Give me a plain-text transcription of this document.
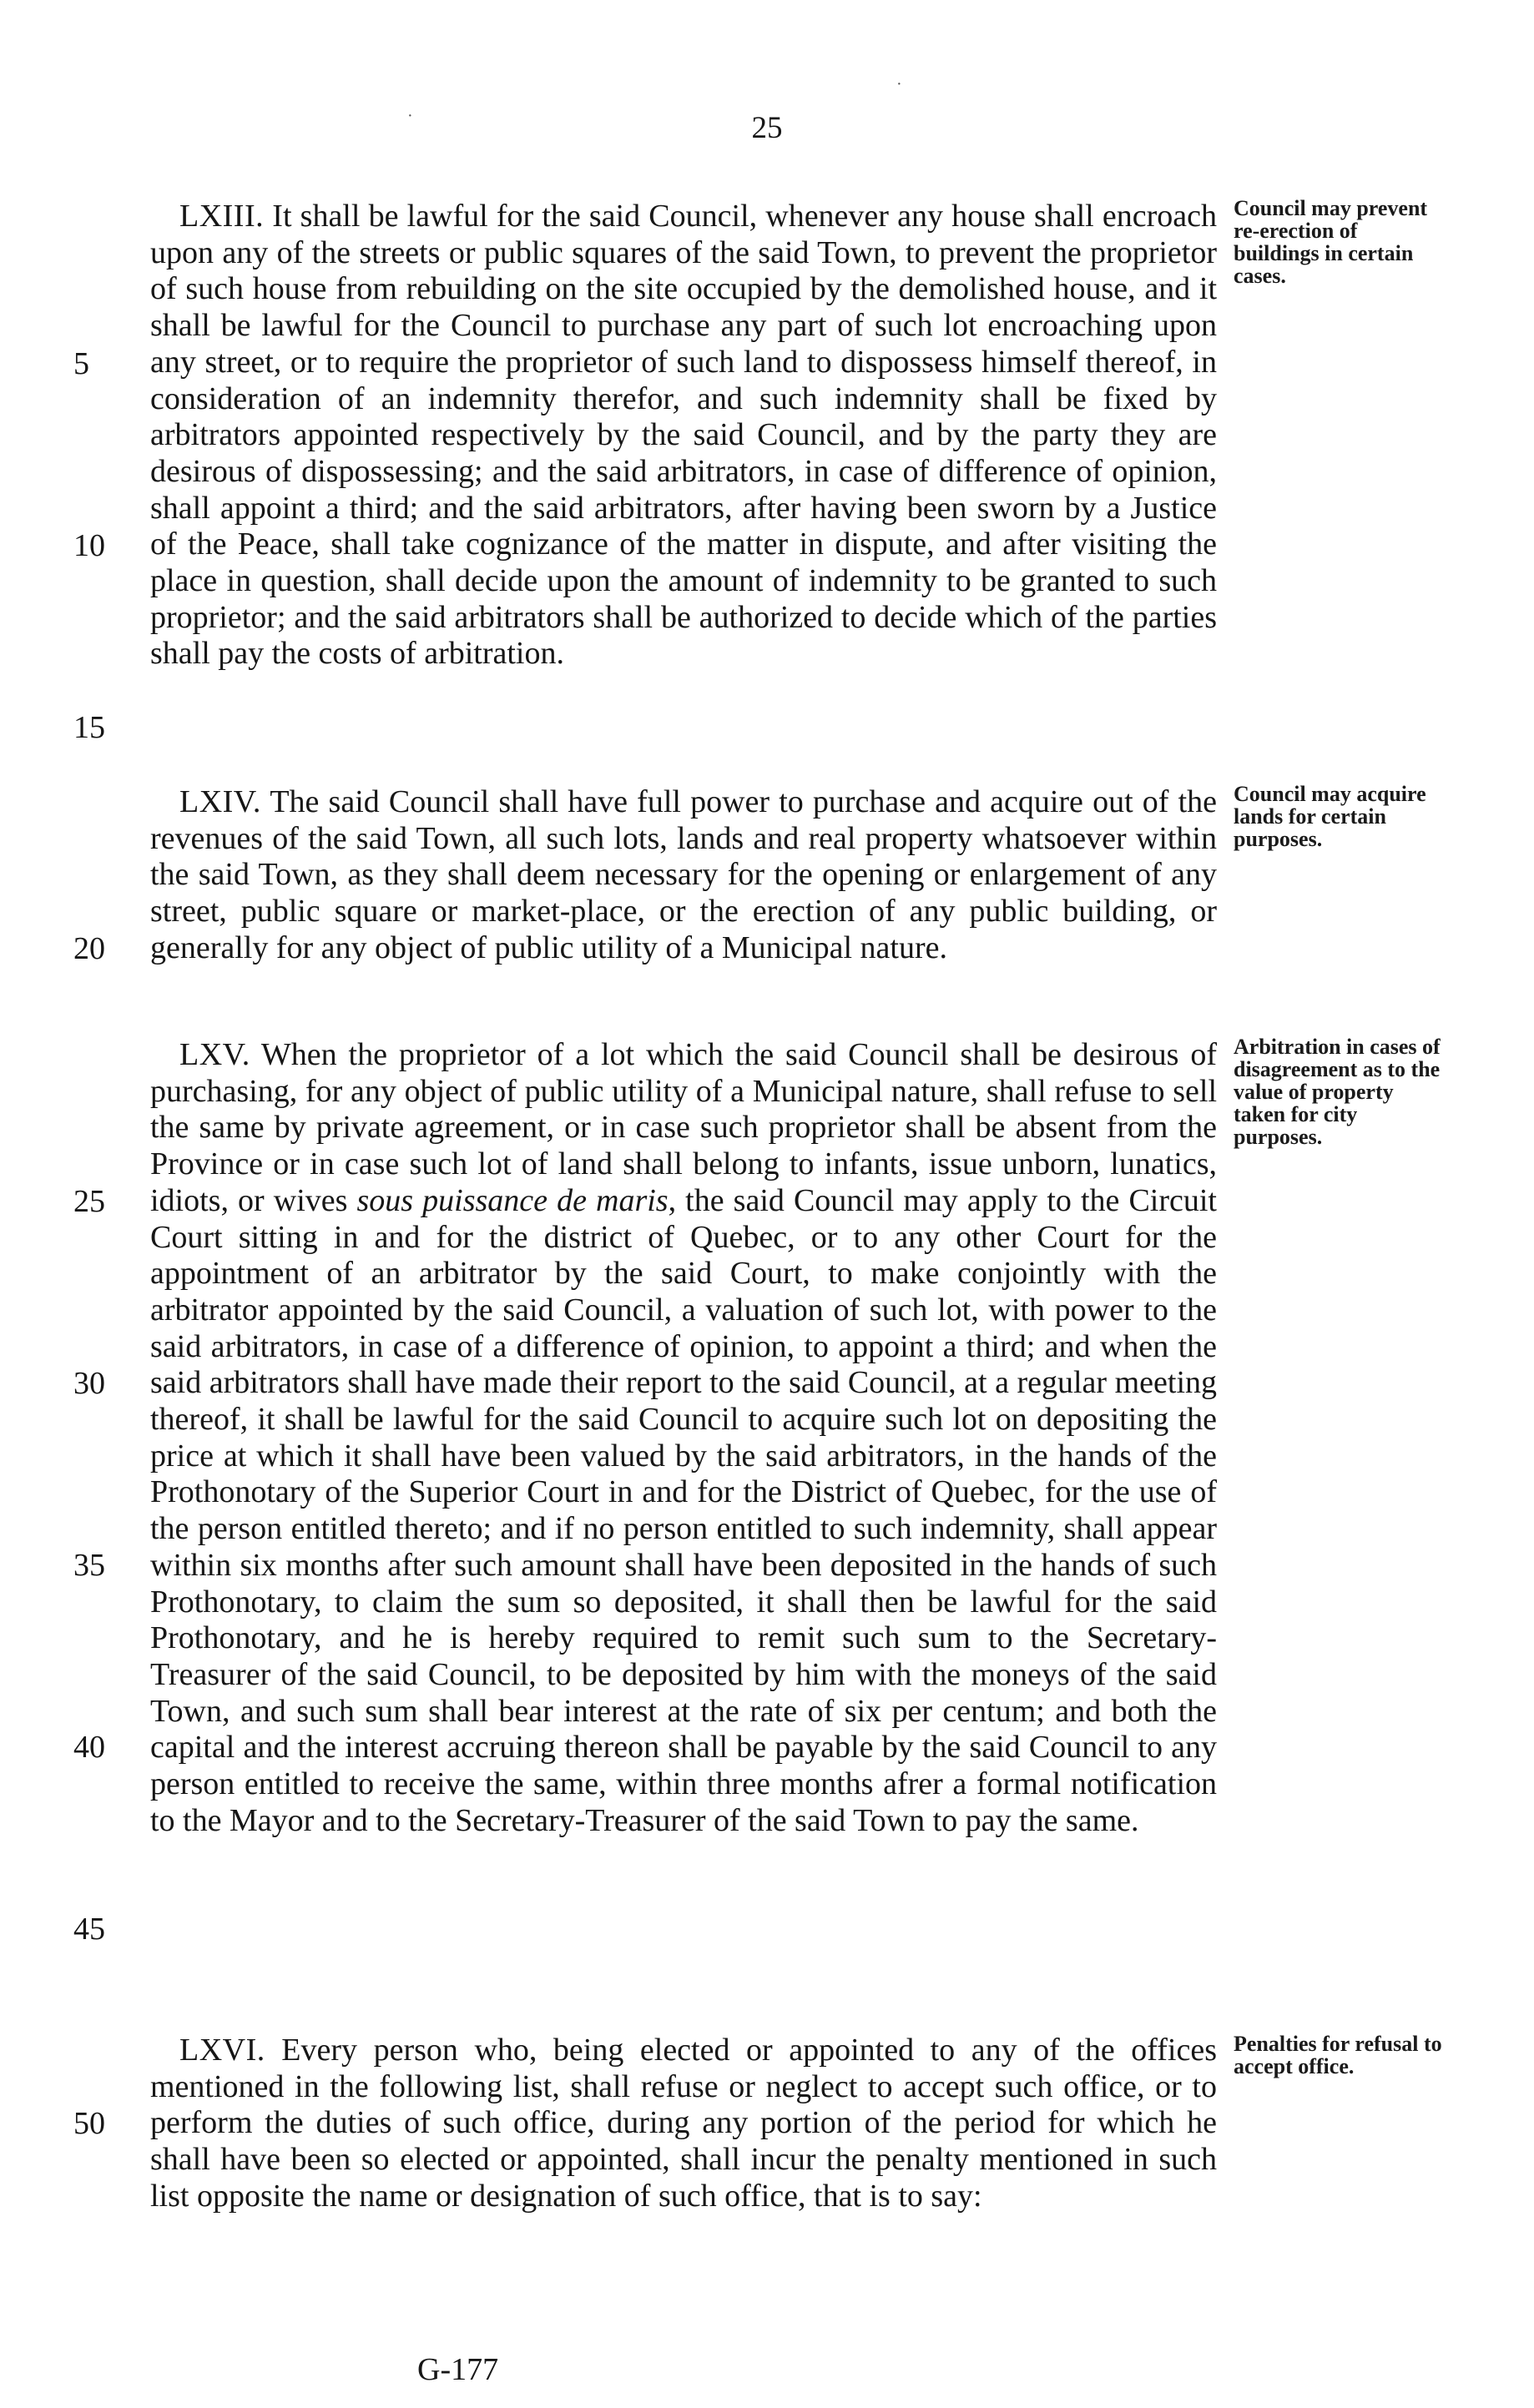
25

LXIII. It shall be lawful for the said Council, whenever any house shall encroach upon any of the streets or public squares of the said Town, to prevent the proprietor of such house from rebuilding on the site occupied by the demolished house, and it shall be lawful for the Council to purchase any part of such lot encroaching upon any street, or to require the proprietor of such land to dispossess himself thereof, in consideration of an indemnity therefor, and such indemnity shall be fixed by arbitrators appointed respectively by the said Council, and by the party they are desirous of dispossessing; and the said arbitrators, in case of difference of opinion, shall appoint a third; and the said arbitrators, after having been sworn by a Justice of the Peace, shall take cognizance of the matter in dispute, and after visiting the place in question, shall decide upon the amount of indemnity to be granted to such proprietor; and the said arbitrators shall be authorized to decide which of the parties shall pay the costs of arbitration.

Council may prevent re-erection of buildings in certain cases.

LXIV. The said Council shall have full power to purchase and acquire out of the revenues of the said Town, all such lots, lands and real property whatsoever within the said Town, as they shall deem necessary for the opening or enlargement of any street, public square or market-place, or the erection of any public building, or generally for any object of public utility of a Municipal nature.

Council may acquire lands for certain purposes.

LXV. When the proprietor of a lot which the said Council shall be desirous of purchasing, for any object of public utility of a Municipal nature, shall refuse to sell the same by private agreement, or in case such proprietor shall be absent from the Province or in case such lot of land shall belong to infants, issue unborn, lunatics, idiots, or wives sous puissance de maris, the said Council may apply to the Circuit Court sitting in and for the district of Quebec, or to any other Court for the appointment of an arbitrator by the said Court, to make conjointly with the arbitrator appointed by the said Council, a valuation of such lot, with power to the said arbitrators, in case of a difference of opinion, to appoint a third; and when the said arbitrators shall have made their report to the said Council, at a regular meeting thereof, it shall be lawful for the said Council to acquire such lot on depositing the price at which it shall have been valued by the said arbitrators, in the hands of the Prothonotary of the Superior Court in and for the District of Quebec, for the use of the person entitled thereto; and if no person entitled to such indemnity, shall appear within six months after such amount shall have been deposited in the hands of such Prothonotary, to claim the sum so deposited, it shall then be lawful for the said Prothonotary, and he is hereby required to remit such sum to the Secretary-Treasurer of the said Council, to be deposited by him with the moneys of the said Town, and such sum shall bear interest at the rate of six per centum; and both the capital and the interest accruing thereon shall be payable by the said Council to any person entitled to receive the same, within three months afrer a formal notification to the Mayor and to the Secretary-Treasurer of the said Town to pay the same.

Arbitration in cases of disagreement as to the value of property taken for city purposes.

LXVI. Every person who, being elected or appointed to any of the offices mentioned in the following list, shall refuse or neglect to accept such office, or to perform the duties of such office, during any portion of the period for which he shall have been so elected or appointed, shall incur the penalty mentioned in such list opposite the name or designation of such office, that is to say:

Penalties for refusal to accept office.
5
10
15
20
25
30
35
40
45
50
G-177
·
·
